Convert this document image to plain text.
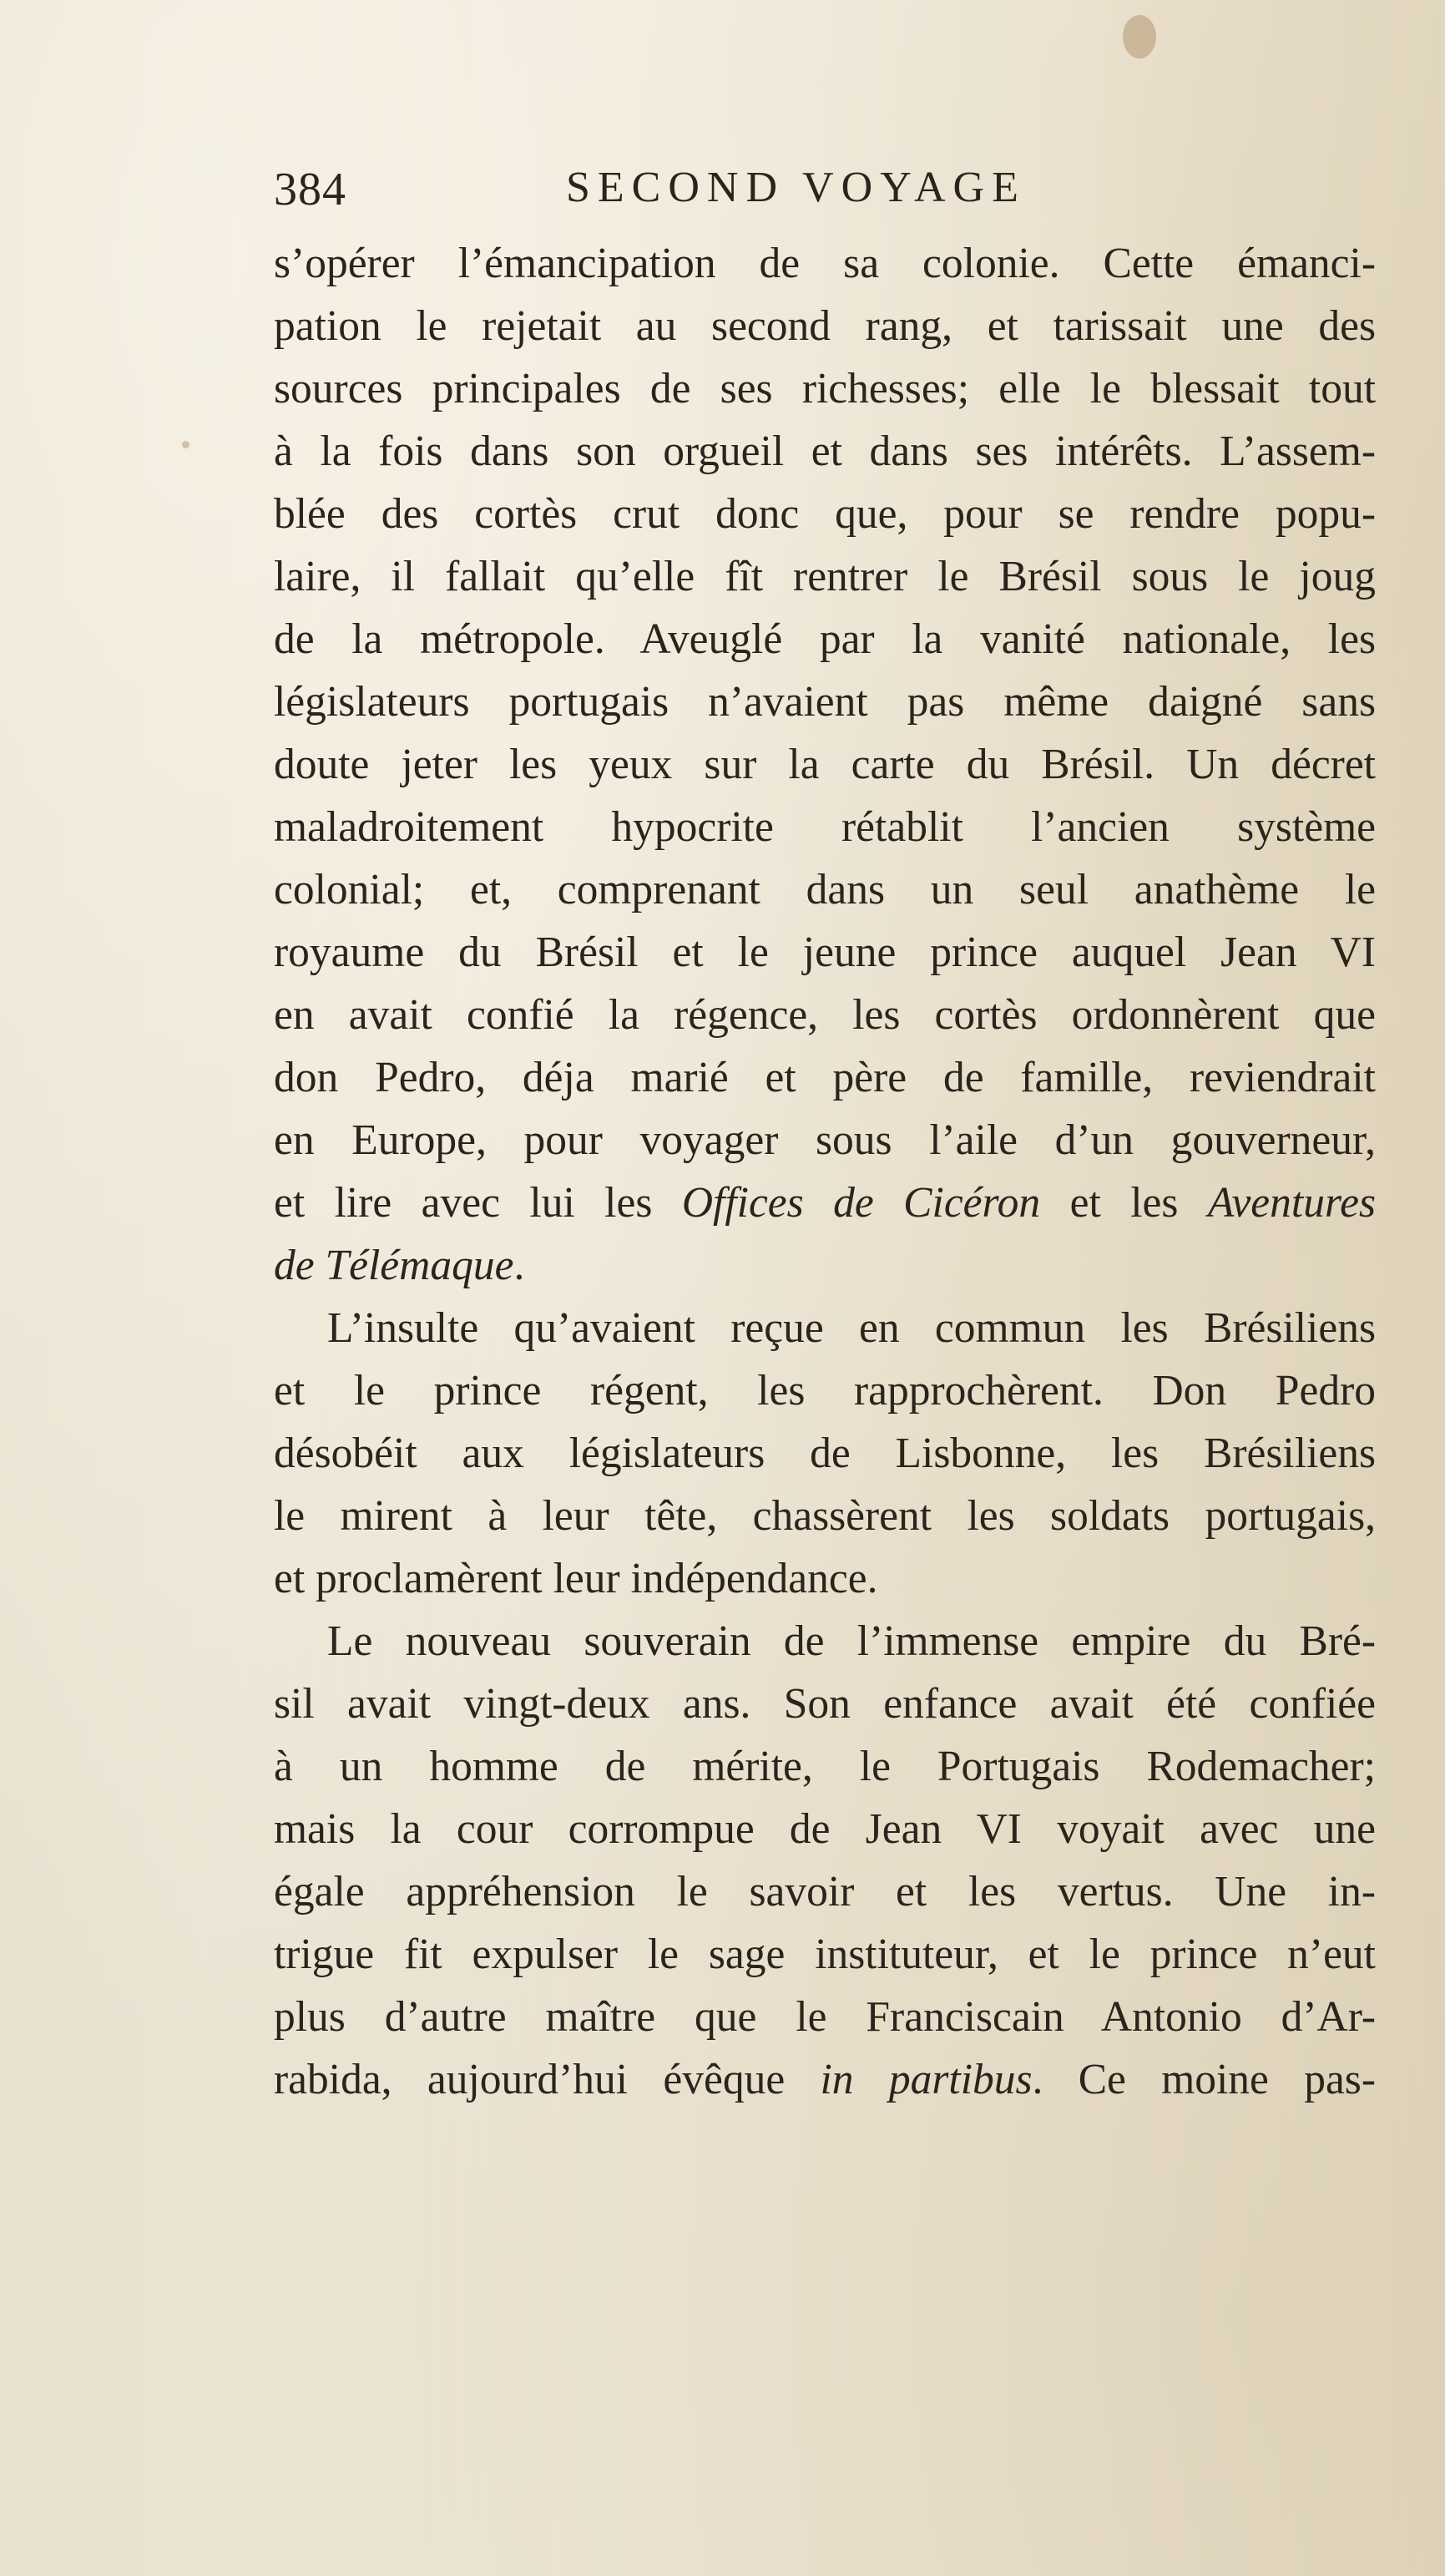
384	SECOND VOYAGE
s’opérer l’émancipation de sa colonie. Cette émanci-
pation le rejetait au second rang, et tarissait une des
sources principales de ses richesses; elle le blessait tout
à la fois dans son orgueil et dans ses intérêts. L’assem-
blée des cortès crut donc que, pour se rendre popu-
laire, il fallait qu’elle fît rentrer le Brésil sous le joug
de la métropole. Aveuglé par la vanité nationale, les
législateurs portugais n’avaient pas même daigné sans
doute jeter les yeux sur la carte du Brésil. Un décret
maladroitement hypocrite rétablit l’ancien système
colonial; et, comprenant dans un seul anathème le
royaume du Brésil et le jeune prince auquel Jean VI
en avait confié la régence, les cortès ordonnèrent que
don Pedro, déja marié et père de famille, reviendrait
en Europe, pour voyager sous l’aile d’un gouverneur,
et lire avec lui les Offices de Cicéron et les Aventures
de Télémaque.
L’insulte qu’avaient reçue en commun les Brésiliens
et le prince régent, les rapprochèrent. Don Pedro
désobéit aux législateurs de Lisbonne, les Brésiliens
le mirent à leur tête, chassèrent les soldats portugais,
et proclamèrent leur indépendance.
Le nouveau souverain de l’immense empire du Bré-
sil avait vingt-deux ans. Son enfance avait été confiée
à un homme de mérite, le Portugais Rodemacher;
mais la cour corrompue de Jean VI voyait avec une
égale appréhension le savoir et les vertus. Une in-
trigue fit expulser le sage instituteur, et le prince n’eut
plus d’autre maître que le Franciscain Antonio d’Ar-
rabida, aujourd’hui évêque in partibus. Ce moine pas-
